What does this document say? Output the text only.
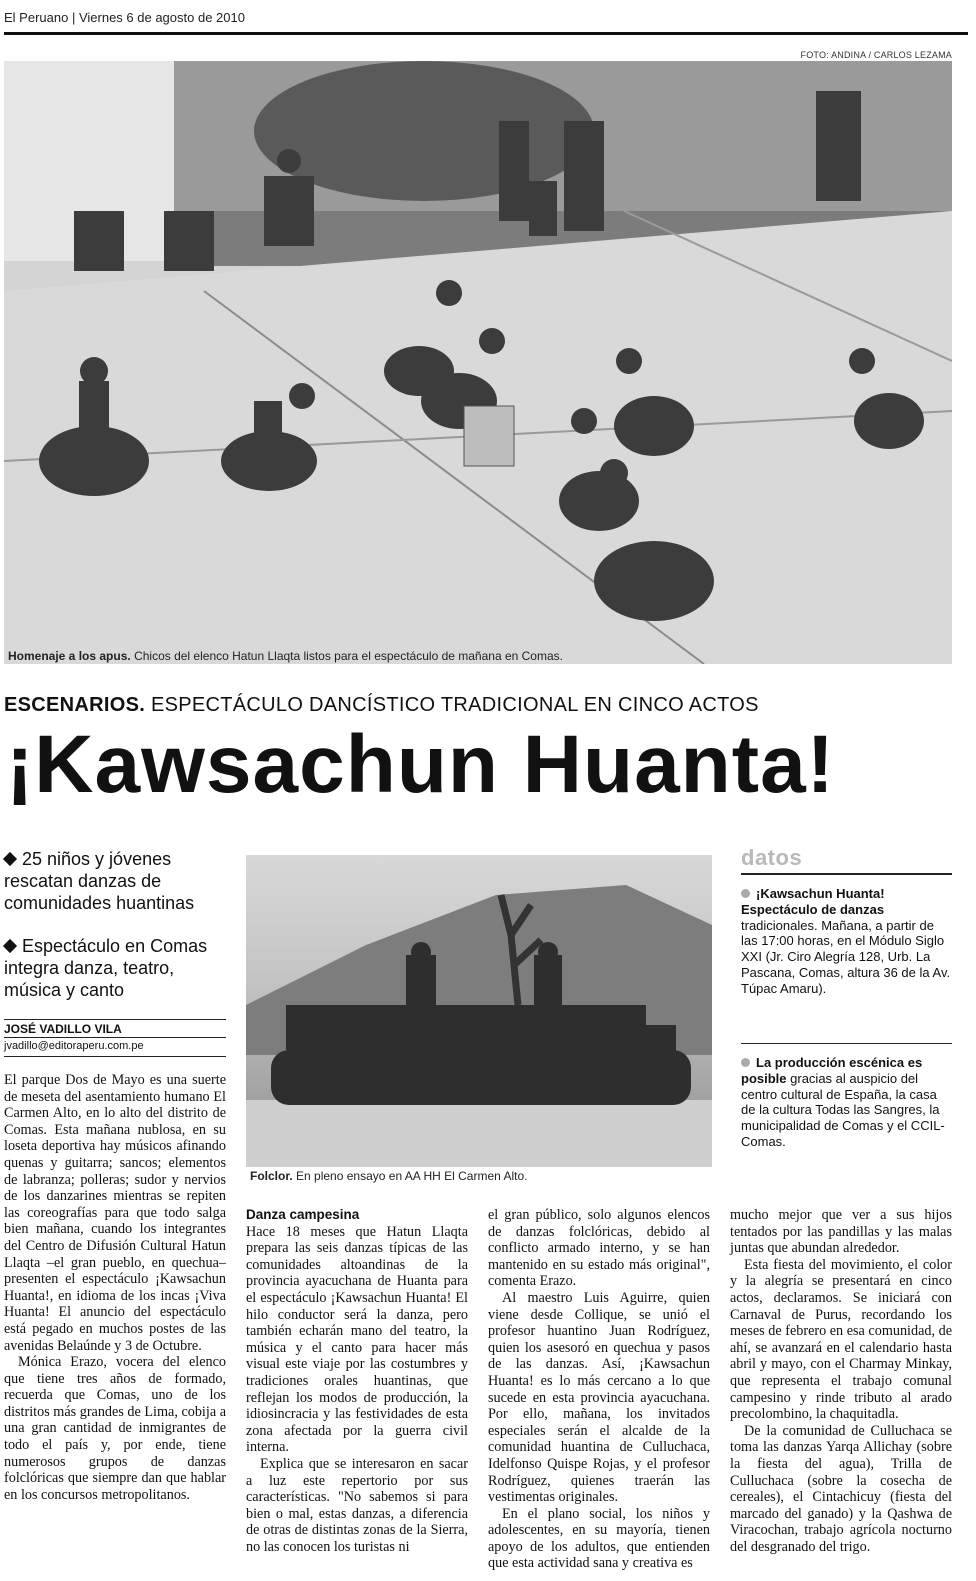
El Peruano | Viernes 6 de agosto de 2010
FOTO: ANDINA / CARLOS LEZAMA
Homenaje a los apus. Chicos del elenco Hatun Llaqta listos para el espectáculo de mañana en Comas.
ESCENARIOS. ESPECTÁCULO DANCÍSTICO TRADICIONAL EN CINCO ACTOS
¡Kawsachun Huanta!
25 niños y jóvenes rescatan danzas de comunidades huantinas
Espectáculo en Comas integra danza, teatro, música y canto
JOSÉ VADILLO VILA
jvadillo@editoraperu.com.pe
Folclor. En pleno ensayo en AA HH El Carmen Alto.
datos
¡Kawsachun Huanta! Espectáculo de danzas tradicionales. Mañana, a partir de las 17:00 horas, en el Módulo Siglo XXI (Jr. Ciro Alegría 128, Urb. La Pascana, Comas, altura 36 de la Av. Túpac Amaru).
La producción escénica es posible gracias al auspicio del centro cultural de España, la casa de la cultura Todas las Sangres, la municipalidad de Comas y el CCIL-Comas.

El parque Dos de Mayo es una suerte de meseta del asentamiento humano El Carmen Alto, en lo alto del distrito de Comas. Esta mañana nublosa, en su loseta deportiva hay músicos afinando quenas y guitarra; sancos; elementos de labranza; polleras; sudor y nervios de los danzarines mientras se repiten las coreografías para que todo salga bien mañana, cuando los integrantes del Centro de Difusión Cultural Hatun Llaqta –el gran pueblo, en quechua– presenten el espectáculo ¡Kawsachun Huanta!, en idioma de los incas ¡Viva Huanta! El anuncio del espectáculo está pegado en muchos postes de las avenidas Belaúnde y 3 de Octubre.

Mónica Erazo, vocera del elenco que tiene tres años de formado, recuerda que Comas, uno de los distritos más grandes de Lima, cobija a una gran cantidad de inmigrantes de todo el país y, por ende, tiene numerosos grupos de danzas folclóricas que siempre dan que hablar en los concursos metropolitanos.

Danza campesina

Hace 18 meses que Hatun Llaqta prepara las seis danzas típicas de las comunidades altoandinas de la provincia ayacuchana de Huanta para el espectáculo ¡Kawsachun Huanta! El hilo conductor será la danza, pero también echarán mano del teatro, la música y el canto para hacer más visual este viaje por las costumbres y tradiciones orales huantinas, que reflejan los modos de producción, la idiosincracia y las festividades de esta zona afectada por la guerra civil interna.

Explica que se interesaron en sacar a luz este repertorio por sus características. "No sabemos si para bien o mal, estas danzas, a diferencia de otras de distintas zonas de la Sierra, no las conocen los turistas ni

el gran público, solo algunos elencos de danzas folclóricas, debido al conflicto armado interno, y se han mantenido en su estado más original", comenta Erazo.

Al maestro Luis Aguirre, quien viene desde Collique, se unió el profesor huantino Juan Rodríguez, quien los asesoró en quechua y pasos de las danzas. Así, ¡Kawsachun Huanta! es lo más cercano a lo que sucede en esta provincia ayacuchana. Por ello, mañana, los invitados especiales serán el alcalde de la comunidad huantina de Culluchaca, Idelfonso Quispe Rojas, y el profesor Rodríguez, quienes traerán las vestimentas originales.

En el plano social, los niños y adolescentes, en su mayoría, tienen apoyo de los adultos, que entienden que esta actividad sana y creativa es

mucho mejor que ver a sus hijos tentados por las pandillas y las malas juntas que abundan alrededor.

Esta fiesta del movimiento, el color y la alegría se presentará en cinco actos, declaramos. Se iniciará con Carnaval de Purus, recordando los meses de febrero en esa comunidad, de ahí, se avanzará en el calendario hasta abril y mayo, con el Charmay Minkay, que representa el trabajo comunal campesino y rinde tributo al arado precolombino, la chaquitadla.

De la comunidad de Culluchaca se toma las danzas Yarqa Allichay (sobre la fiesta del agua), Trilla de Culluchaca (sobre la cosecha de cereales), el Cintachicuy (fiesta del marcado del ganado) y la Qashwa de Viracochan, trabajo agrícola nocturno del desgranado del trigo.
